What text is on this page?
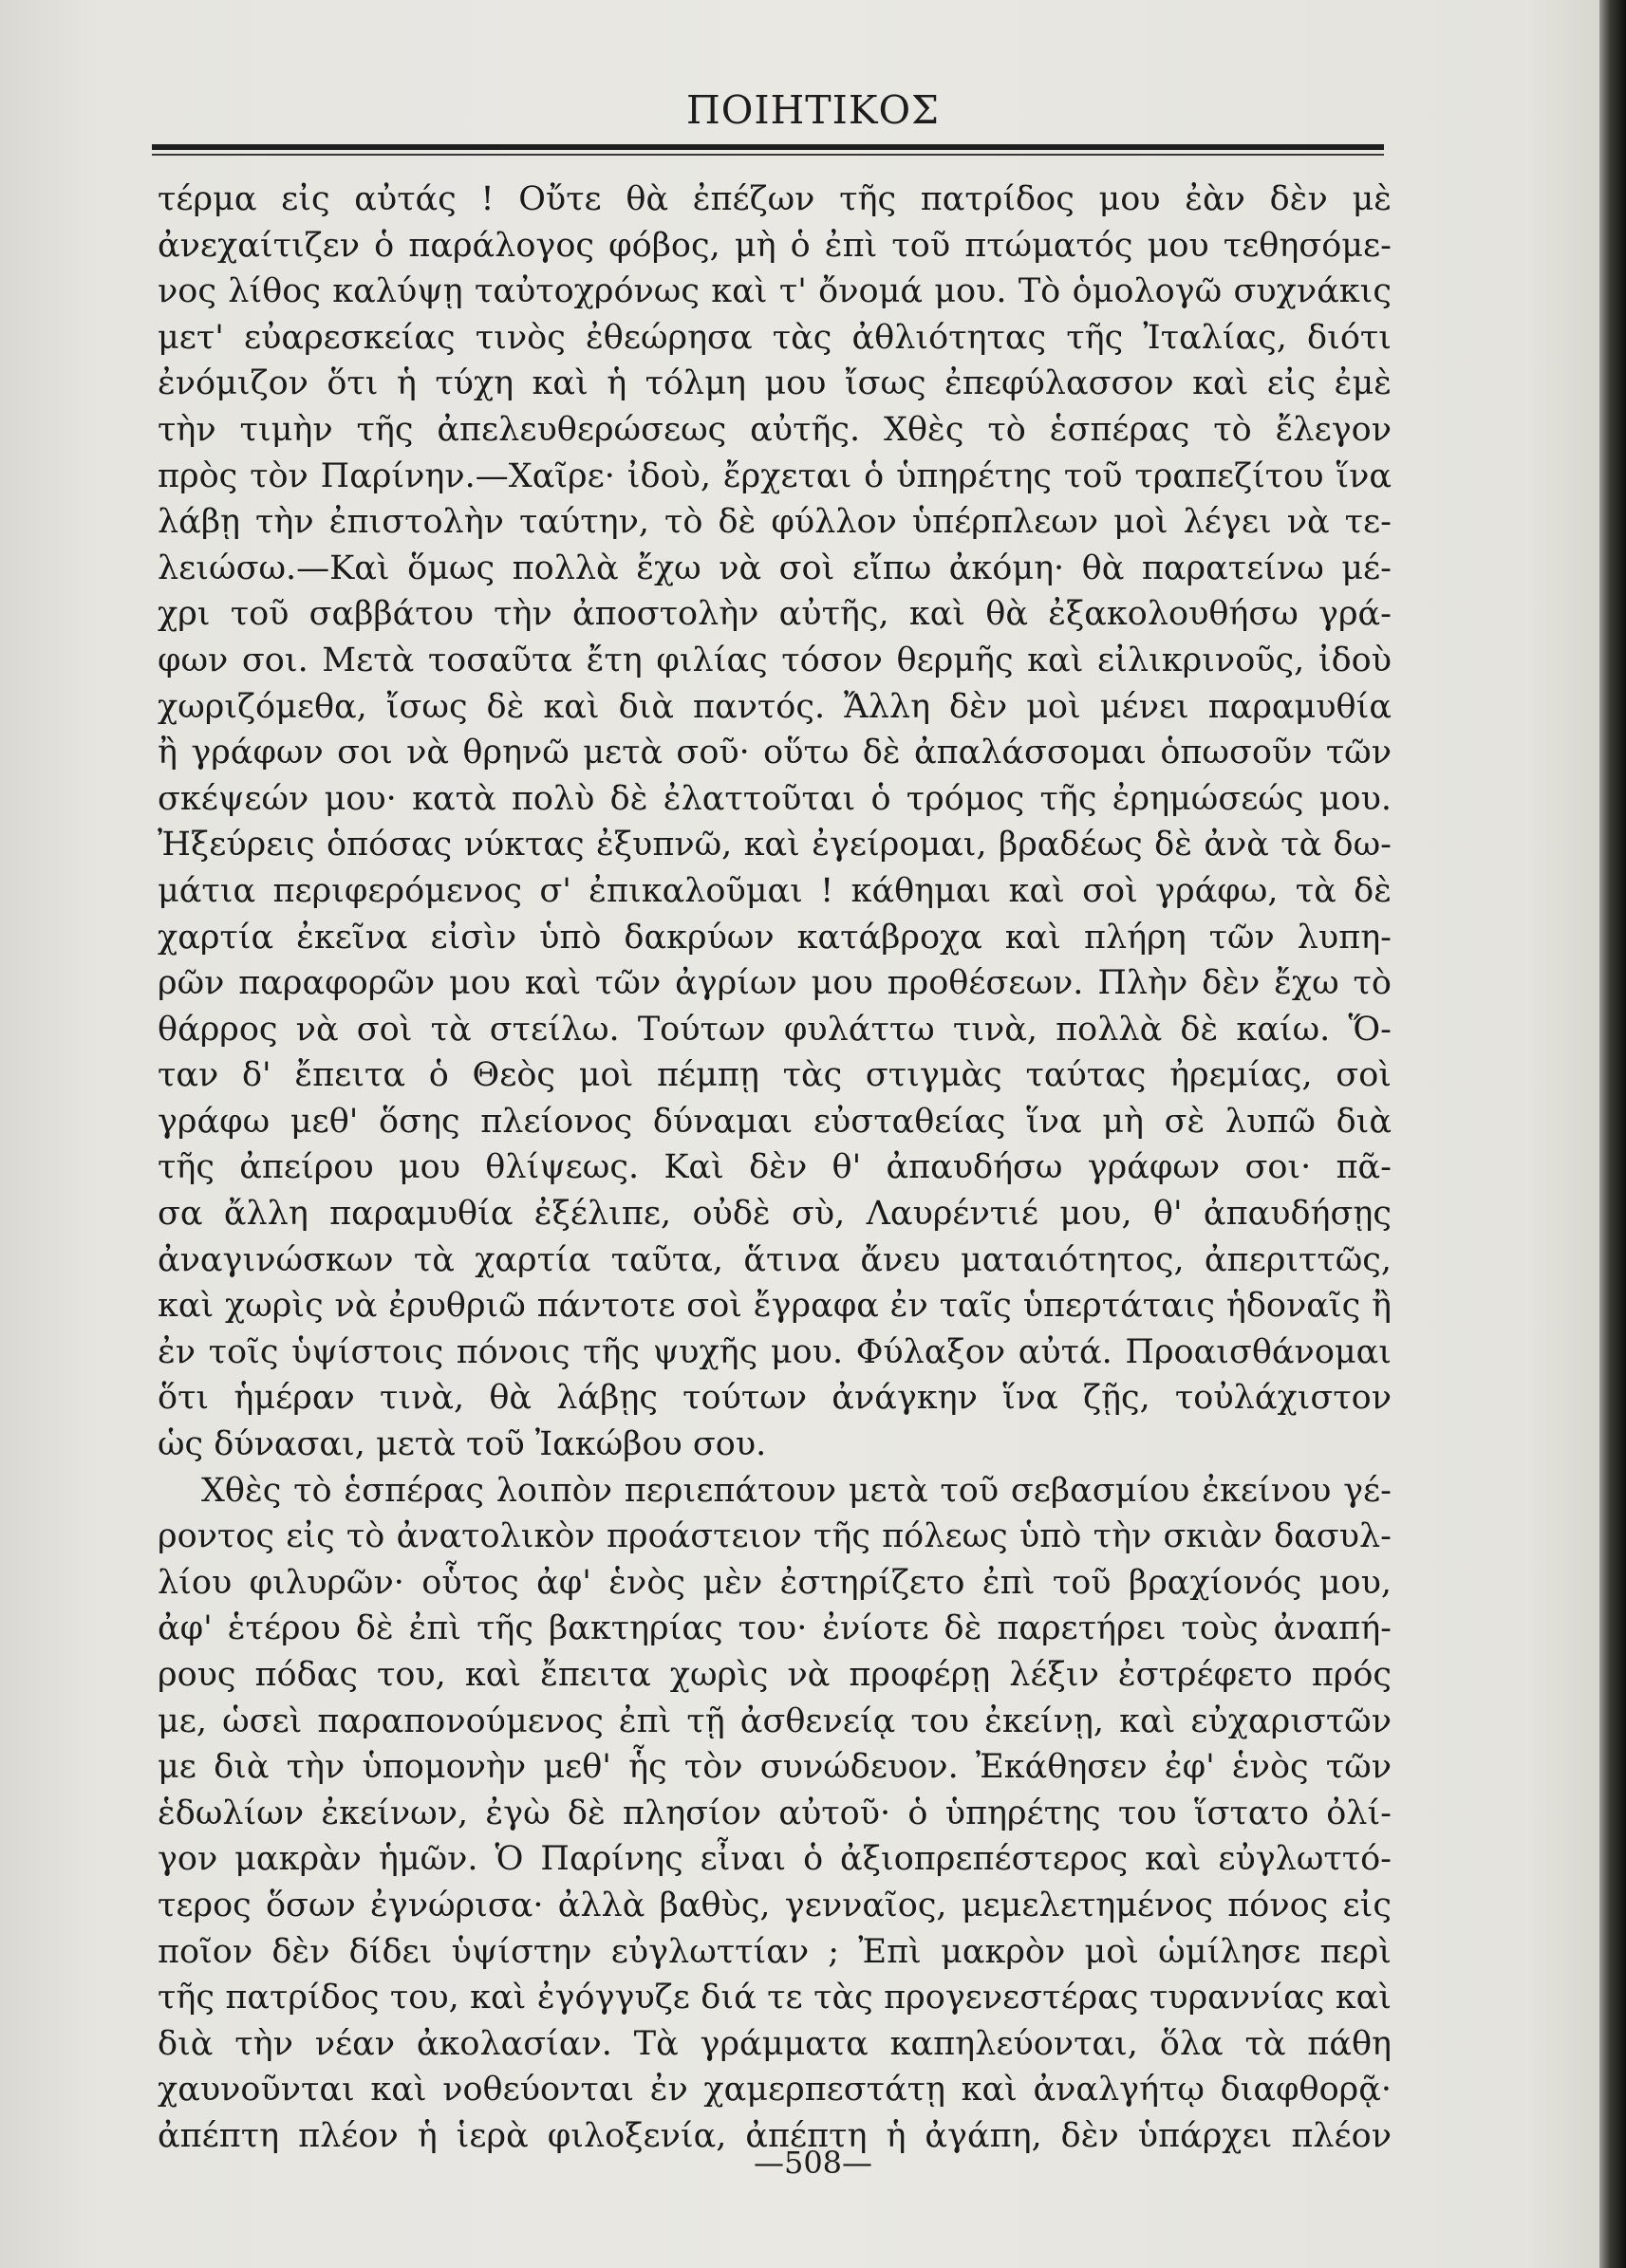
ΠΟΙΗΤΙΚΟΣ
τέρμα εἰς αὐτάς ! Οὔτε θὰ ἐπέζων τῆς πατρίδος μου ἐὰν δὲν μὲ
ἀνεχαίτιζεν ὁ παράλογος φόβος, μὴ ὁ ἐπὶ τοῦ πτώματός μου τεθησόμε-
νος λίθος καλύψῃ ταὐτοχρόνως καὶ τ' ὄνομά μου. Τὸ ὁμολογῶ συχνάκις
μετ' εὐαρεσκείας τινὸς ἐθεώρησα τὰς ἀθλιότητας τῆς Ἰταλίας, διότι
ἐνόμιζον ὅτι ἡ τύχη καὶ ἡ τόλμη μου ἴσως ἐπεφύλασσον καὶ εἰς ἐμὲ
τὴν τιμὴν τῆς ἀπελευθερώσεως αὐτῆς. Χθὲς τὸ ἑσπέρας τὸ ἔλεγον
πρὸς τὸν Παρίνην.—Χαῖρε· ἰδοὺ, ἔρχεται ὁ ὑπηρέτης τοῦ τραπεζίτου ἵνα
λάβῃ τὴν ἐπιστολὴν ταύτην, τὸ δὲ φύλλον ὑπέρπλεων μοὶ λέγει νὰ τε-
λειώσω.—Καὶ ὅμως πολλὰ ἔχω νὰ σοὶ εἴπω ἀκόμη· θὰ παρατείνω μέ-
χρι τοῦ σαββάτου τὴν ἀποστολὴν αὐτῆς, καὶ θὰ ἐξακολουθήσω γρά-
φων σοι. Μετὰ τοσαῦτα ἔτη φιλίας τόσον θερμῆς καὶ εἰλικρινοῦς, ἰδοὺ
χωριζόμεθα, ἴσως δὲ καὶ διὰ παντός. Ἄλλη δὲν μοὶ μένει παραμυθία
ἢ γράφων σοι νὰ θρηνῶ μετὰ σοῦ· οὕτω δὲ ἀπαλάσσομαι ὁπωσοῦν τῶν
σκέψεών μου· κατὰ πολὺ δὲ ἐλαττοῦται ὁ τρόμος τῆς ἐρημώσεώς μου.
Ἠξεύρεις ὁπόσας νύκτας ἐξυπνῶ, καὶ ἐγείρομαι, βραδέως δὲ ἀνὰ τὰ δω-
μάτια περιφερόμενος σ' ἐπικαλοῦμαι ! κάθημαι καὶ σοὶ γράφω, τὰ δὲ
χαρτία ἐκεῖνα εἰσὶν ὑπὸ δακρύων κατάβροχα καὶ πλήρη τῶν λυπη-
ρῶν παραφορῶν μου καὶ τῶν ἀγρίων μου προθέσεων. Πλὴν δὲν ἔχω τὸ
θάρρος νὰ σοὶ τὰ στείλω. Τούτων φυλάττω τινὰ, πολλὰ δὲ καίω. Ὅ-
ταν δ' ἔπειτα ὁ Θεὸς μοὶ πέμπῃ τὰς στιγμὰς ταύτας ἠρεμίας, σοὶ
γράφω μεθ' ὅσης πλείονος δύναμαι εὐσταθείας ἵνα μὴ σὲ λυπῶ διὰ
τῆς ἀπείρου μου θλίψεως. Καὶ δὲν θ' ἀπαυδήσω γράφων σοι· πᾶ-
σα ἄλλη παραμυθία ἐξέλιπε, οὐδὲ σὺ, Λαυρέντιέ μου, θ' ἀπαυδήσῃς
ἀναγινώσκων τὰ χαρτία ταῦτα, ἅτινα ἄνευ ματαιότητος, ἀπεριττῶς,
καὶ χωρὶς νὰ ἐρυθριῶ πάντοτε σοὶ ἔγραφα ἐν ταῖς ὑπερτάταις ἡδοναῖς ἢ
ἐν τοῖς ὑψίστοις πόνοις τῆς ψυχῆς μου. Φύλαξον αὐτά. Προαισθάνομαι
ὅτι ἡμέραν τινὰ, θὰ λάβῃς τούτων ἀνάγκην ἵνα ζῇς, τοὐλάχιστον
ὡς δύνασαι, μετὰ τοῦ Ἰακώβου σου.
Χθὲς τὸ ἑσπέρας λοιπὸν περιεπάτουν μετὰ τοῦ σεβασμίου ἐκείνου γέ-
ροντος εἰς τὸ ἀνατολικὸν προάστειον τῆς πόλεως ὑπὸ τὴν σκιὰν δασυλ-
λίου φιλυρῶν· οὗτος ἀφ' ἑνὸς μὲν ἐστηρίζετο ἐπὶ τοῦ βραχίονός μου,
ἀφ' ἑτέρου δὲ ἐπὶ τῆς βακτηρίας του· ἐνίοτε δὲ παρετήρει τοὺς ἀναπή-
ρους πόδας του, καὶ ἔπειτα χωρὶς νὰ προφέρῃ λέξιν ἐστρέφετο πρός
με, ὡσεὶ παραπονούμενος ἐπὶ τῇ ἀσθενείᾳ του ἐκείνῃ, καὶ εὐχαριστῶν
με διὰ τὴν ὑπομονὴν μεθ' ἧς τὸν συνώδευον. Ἐκάθησεν ἐφ' ἑνὸς τῶν
ἑδωλίων ἐκείνων, ἐγὼ δὲ πλησίον αὐτοῦ· ὁ ὑπηρέτης του ἵστατο ὀλί-
γον μακρὰν ἡμῶν. Ὁ Παρίνης εἶναι ὁ ἀξιοπρεπέστερος καὶ εὐγλωττό-
τερος ὅσων ἐγνώρισα· ἀλλὰ βαθὺς, γενναῖος, μεμελετημένος πόνος εἰς
ποῖον δὲν δίδει ὑψίστην εὐγλωττίαν ; Ἐπὶ μακρὸν μοὶ ὡμίλησε περὶ
τῆς πατρίδος του, καὶ ἐγόγγυζε διά τε τὰς προγενεστέρας τυραννίας καὶ
διὰ τὴν νέαν ἀκολασίαν. Τὰ γράμματα καπηλεύονται, ὅλα τὰ πάθη
χαυνοῦνται καὶ νοθεύονται ἐν χαμερπεστάτῃ καὶ ἀναλγήτῳ διαφθορᾷ·
ἀπέπτη πλέον ἡ ἱερὰ φιλοξενία, ἀπέπτη ἡ ἀγάπη, δὲν ὑπάρχει πλέον
—508—
